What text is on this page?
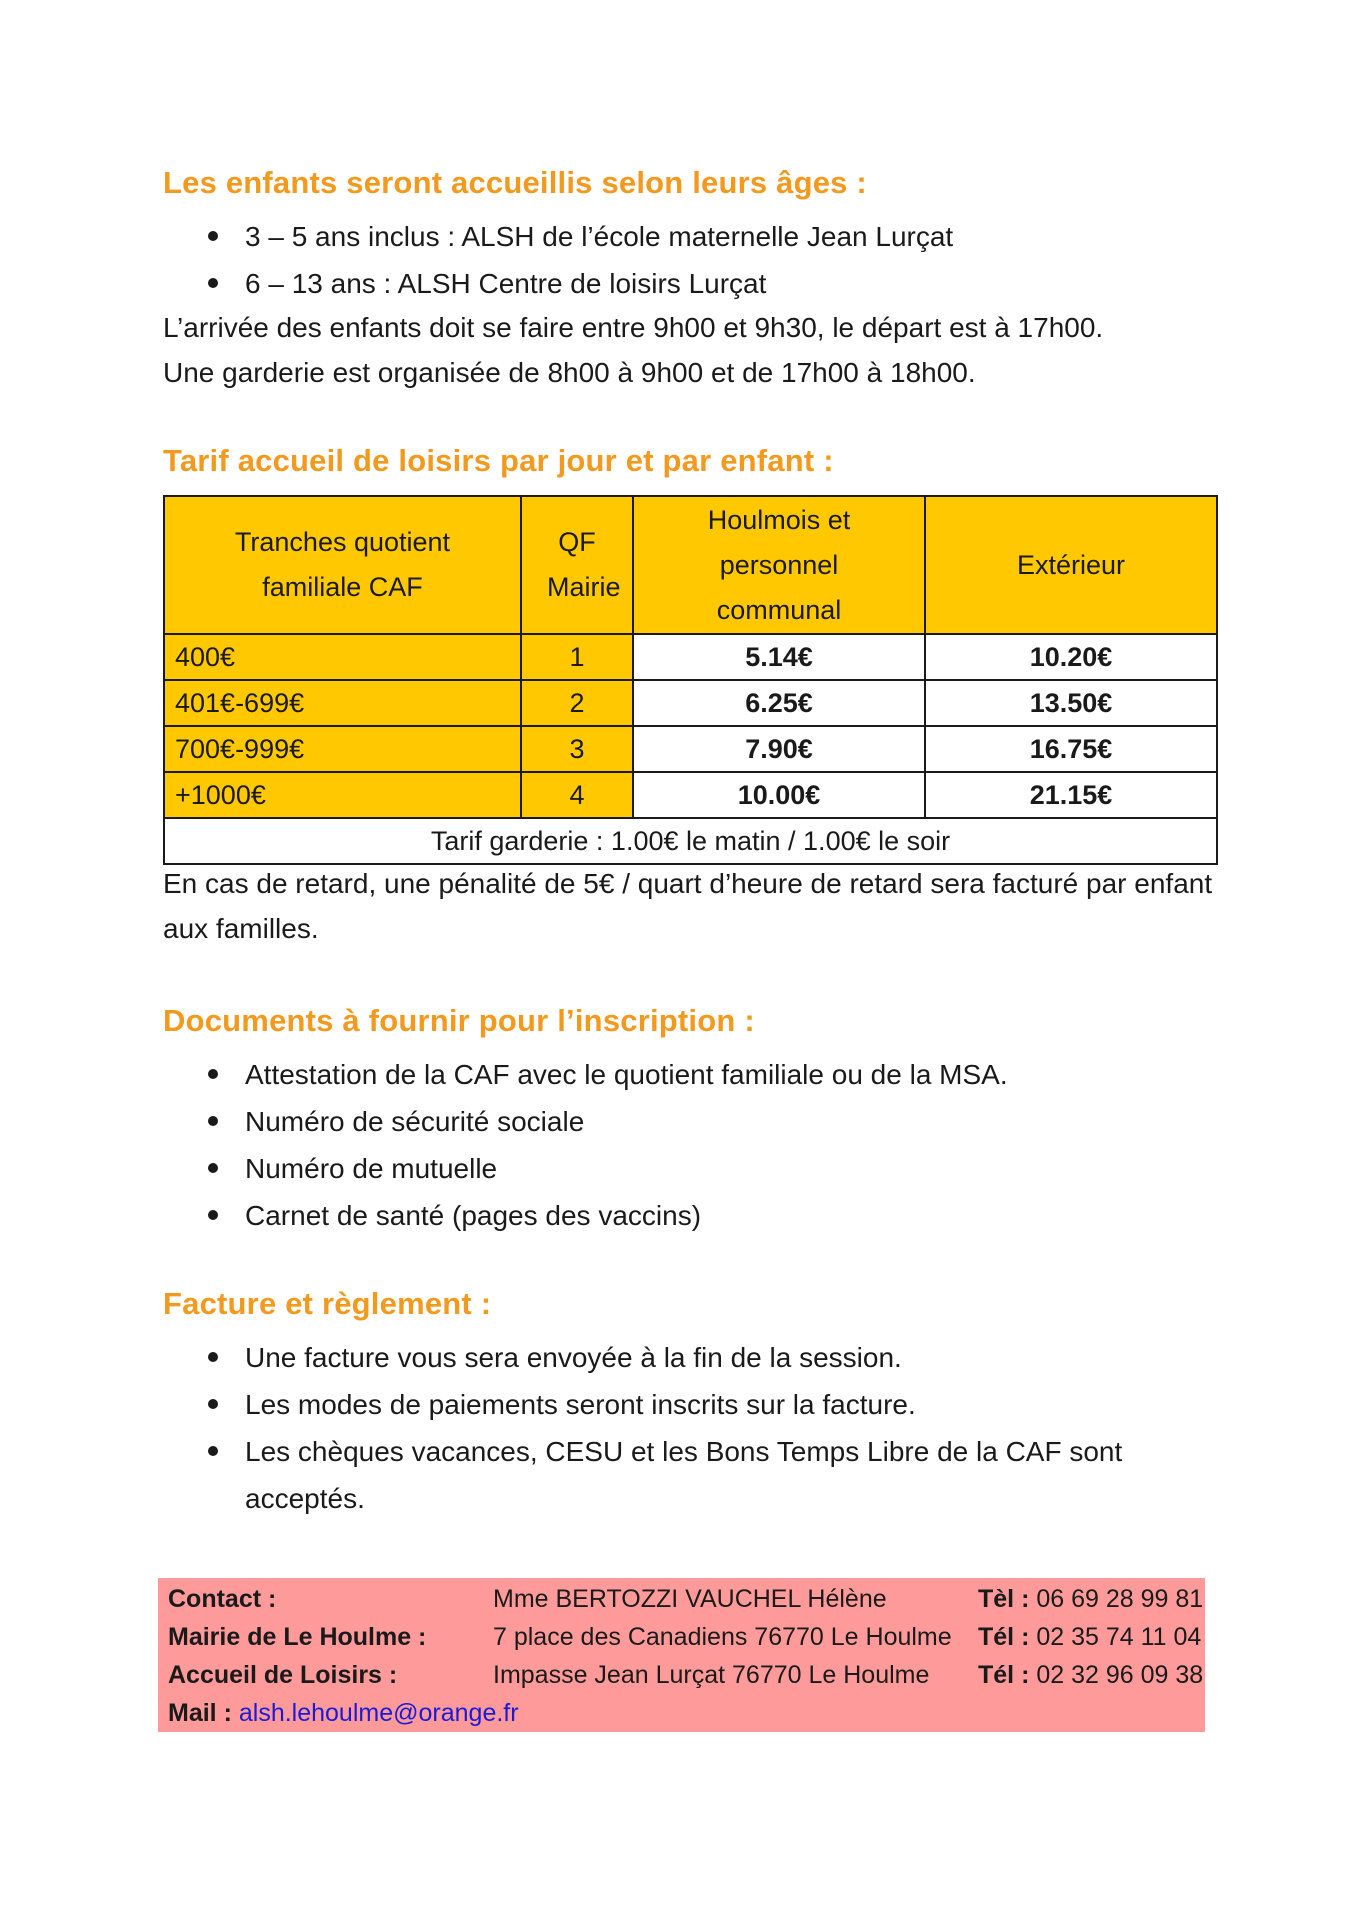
Les enfants seront accueillis selon leurs âges :
3 – 5 ans inclus : ALSH de l’école maternelle Jean Lurçat
6 – 13 ans : ALSH Centre de loisirs Lurçat

L’arrivée des enfants doit se faire entre 9h00 et 9h30, le départ est à 17h00.

Une garderie est organisée de 8h00 à 9h00 et de 17h00 à 18h00.

Tarif accueil de loisirs par jour et par enfant :
Tranches quotient familiale CAF	QF Mairie	Houlmois et personnel communal	Extérieur

400€	1	5.14€	10.20€
401€-699€	2	6.25€	13.50€
700€-999€	3	7.90€	16.75€
+1000€	4	10.00€	21.15€
Tarif garderie : 1.00€ le matin / 1.00€ le soir			

En cas de retard, une pénalité de 5€ / quart d’heure de retard sera facturé par enfant aux familles.

Documents à fournir pour l’inscription :
Attestation de la CAF avec le quotient familiale ou de la MSA.
Numéro de sécurité sociale
Numéro de mutuelle
Carnet de santé (pages des vaccins)
Facture et règlement :
Une facture vous sera envoyée à la fin de la session.
Les modes de paiements seront inscrits sur la facture.
Les chèques vacances, CESU et les Bons Temps Libre de la CAF sont acceptés.
Contact :	Mme BERTOZZI VAUCHEL Hélène	Tèl : 06 69 28 99 81
Mairie de Le Houlme :	7 place des Canadiens 76770 Le Houlme Tél : 02 35 74 11 04
Accueil de Loisirs :	Impasse Jean Lurçat 76770 Le Houlme Tél : 02 32 96 09 38
Mail : alsh.lehoulme@orange.fr
